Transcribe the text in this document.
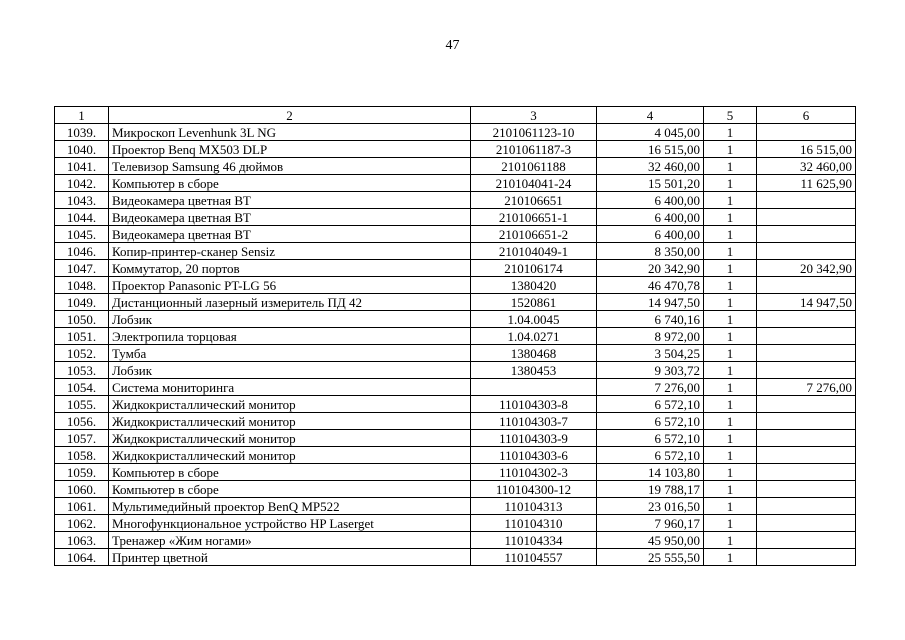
47
1	2	3	4	5	6
1039.	Микроскоп Levenhunk 3L NG	2101061123-10	4 045,00	1	
1040.	Проектор Benq MX503 DLP	2101061187-3	16 515,00	1	16 515,00
1041.	Телевизор Samsung 46 дюймов	2101061188	32 460,00	1	32 460,00
1042.	Компьютер в сборе	210104041-24	15 501,20	1	11 625,90
1043.	Видеокамера цветная ВТ	210106651	6 400,00	1	
1044.	Видеокамера цветная ВТ	210106651-1	6 400,00	1	
1045.	Видеокамера цветная ВТ	210106651-2	6 400,00	1	
1046.	Копир-принтер-сканер Sensiz	210104049-1	8 350,00	1	
1047.	Коммутатор, 20 портов	210106174	20 342,90	1	20 342,90
1048.	Проектор Panasonic PT-LG 56	1380420	46 470,78	1	
1049.	Дистанционный лазерный измеритель ПД 42	1520861	14 947,50	1	14 947,50
1050.	Лобзик	1.04.0045	6 740,16	1	
1051.	Электропила торцовая	1.04.0271	8 972,00	1	
1052.	Тумба	1380468	3 504,25	1	
1053.	Лобзик	1380453	9 303,72	1	
1054.	Система мониторинга		7 276,00	1	7 276,00
1055.	Жидкокристаллический монитор	110104303-8	6 572,10	1	
1056.	Жидкокристаллический монитор	110104303-7	6 572,10	1	
1057.	Жидкокристаллический монитор	110104303-9	6 572,10	1	
1058.	Жидкокристаллический монитор	110104303-6	6 572,10	1	
1059.	Компьютер в сборе	110104302-3	14 103,80	1	
1060.	Компьютер в сборе	110104300-12	19 788,17	1	
1061.	Мультимедийный проектор BenQ MP522	110104313	23 016,50	1	
1062.	Многофункциональное устройство HP Laserget	110104310	7 960,17	1	
1063.	Тренажер «Жим ногами»	110104334	45 950,00	1	
1064.	Принтер цветной	110104557	25 555,50	1	
